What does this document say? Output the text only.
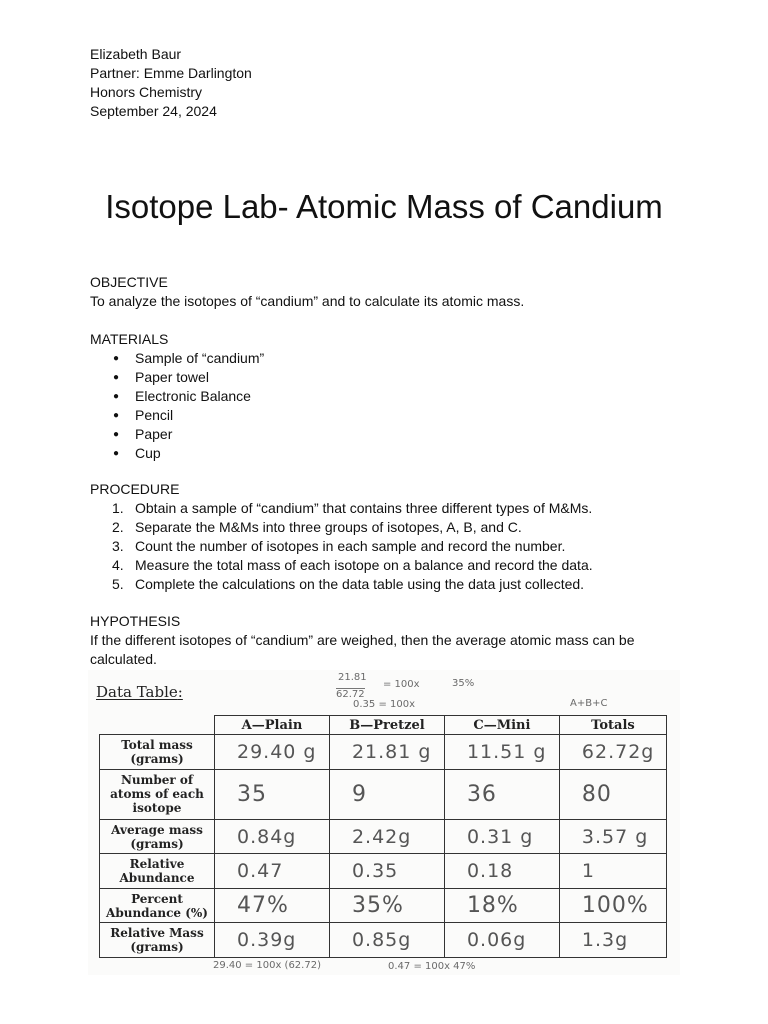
Elizabeth Baur
Partner: Emme Darlington
Honors Chemistry
September 24, 2024
Isotope Lab- Atomic Mass of Candium
OBJECTIVE
To analyze the isotopes of “candium” and to calculate its atomic mass.
MATERIALS
● Sample of “candium”
● Paper towel
● Electronic Balance
● Pencil
● Paper
● Cup
PROCEDURE
1. Obtain a sample of “candium” that contains three different types of M&Ms.
2. Separate the M&Ms into three groups of isotopes, A, B, and C.
3. Count the number of isotopes in each sample and record the number.
4. Measure the total mass of each isotope on a balance and record the data.
5. Complete the calculations on the data table using the data just collected.
HYPOTHESIS
If the different isotopes of “candium” are weighed, then the average atomic mass can be calculated.
Data Table:
21.81
62.72
= 100x	35%
0.35 = 100x	A+B+C
	A—Plain	B—Pretzel	C—Mini	Totals
Total mass (grams)	29.40 g	21.81 g	11.51 g	62.72g
Number of atoms of each isotope	35	9	36	80
Average mass (grams)	0.84g	2.42g	0.31 g	3.57 g
Relative Abundance	0.47	0.35	0.18	1
Percent Abundance (%)	47%	35%	18%	100%
Relative Mass (grams)	0.39g	0.85g	0.06g	1.3g
29.40 = 100x (62.72)	0.47 = 100x 47%
